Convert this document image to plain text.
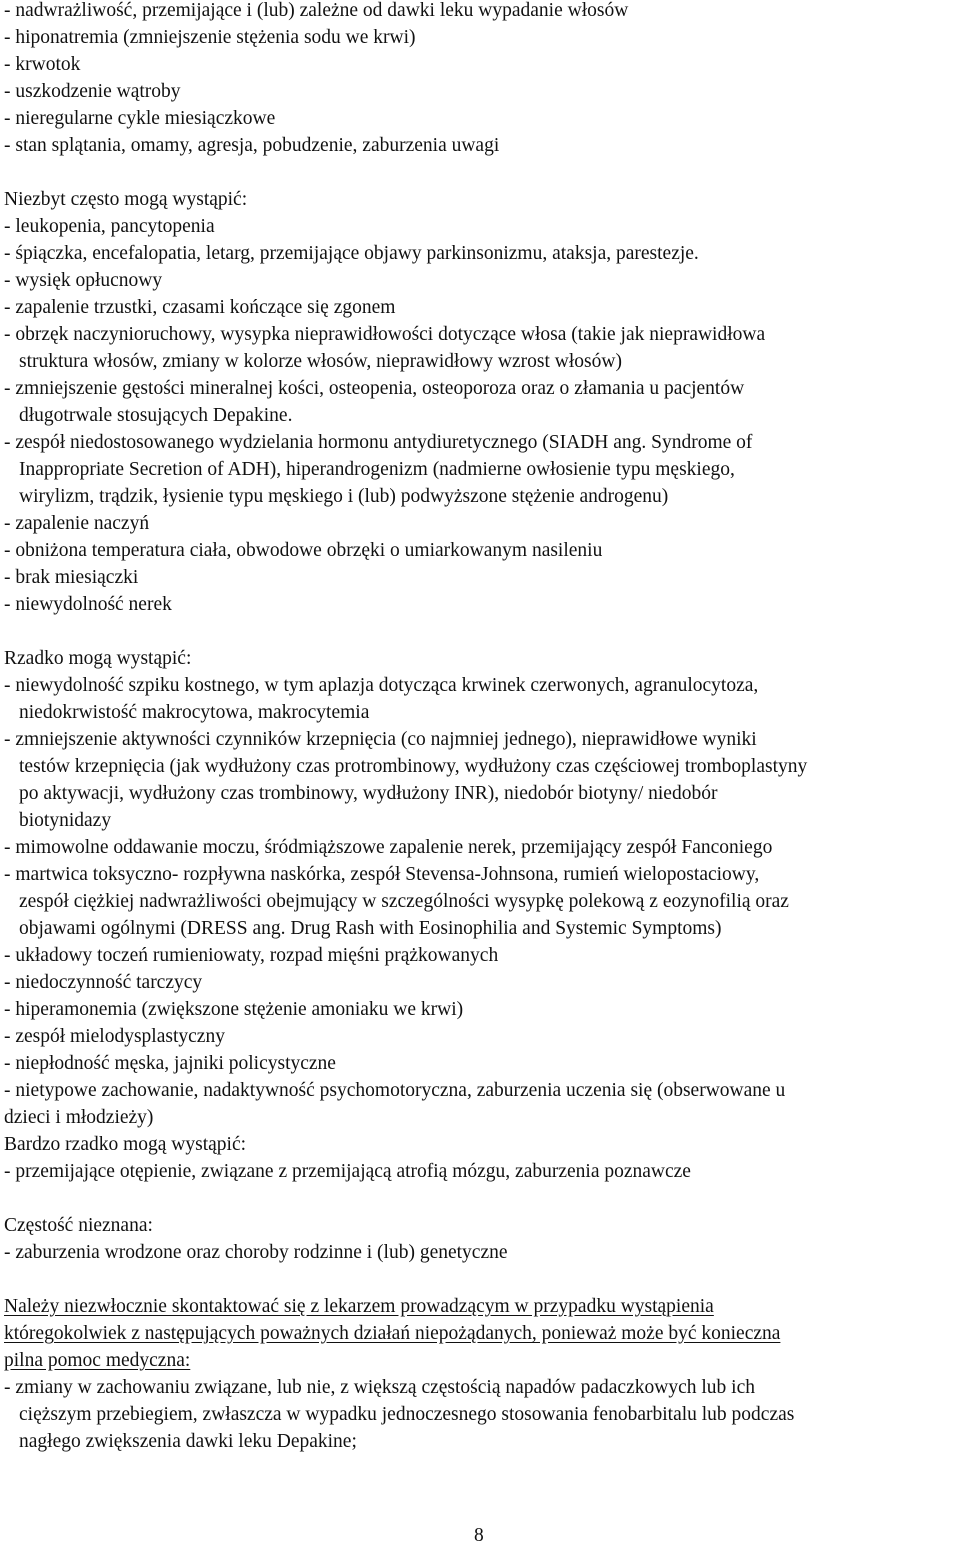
- nadwrażliwość, przemijające i (lub) zależne od dawki leku wypadanie włosów
- hiponatremia (zmniejszenie stężenia sodu we krwi)
- krwotok
- uszkodzenie wątroby
- nieregularne cykle miesiączkowe
- stan splątania, omamy, agresja, pobudzenie, zaburzenia uwagi
Niezbyt często mogą wystąpić:
- leukopenia, pancytopenia
- śpiączka, encefalopatia, letarg, przemijające objawy parkinsonizmu, ataksja, parestezje.
- wysięk opłucnowy
- zapalenie trzustki, czasami kończące się zgonem
- obrzęk naczynioruchowy, wysypka nieprawidłowości dotyczące włosa (takie jak nieprawidłowa
struktura włosów, zmiany w kolorze włosów, nieprawidłowy wzrost włosów)
- zmniejszenie gęstości mineralnej kości, osteopenia, osteoporoza oraz o złamania u pacjentów
długotrwale stosujących Depakine.
- zespół niedostosowanego wydzielania hormonu antydiuretycznego (SIADH ang. Syndrome of
Inappropriate Secretion of ADH), hiperandrogenizm (nadmierne owłosienie typu męskiego,
wirylizm, trądzik, łysienie typu męskiego i (lub) podwyższone stężenie androgenu)
- zapalenie naczyń
- obniżona temperatura ciała, obwodowe obrzęki o umiarkowanym nasileniu
- brak miesiączki
- niewydolność nerek
Rzadko mogą wystąpić:
- niewydolność szpiku kostnego, w tym aplazja dotycząca krwinek czerwonych, agranulocytoza,
niedokrwistość makrocytowa, makrocytemia
- zmniejszenie aktywności czynników krzepnięcia (co najmniej jednego), nieprawidłowe wyniki
testów krzepnięcia (jak wydłużony czas protrombinowy, wydłużony czas częściowej tromboplastyny
po aktywacji, wydłużony czas trombinowy, wydłużony INR), niedobór biotyny/ niedobór
biotynidazy
- mimowolne oddawanie moczu, śródmiąższowe zapalenie nerek, przemijający zespół Fanconiego
- martwica toksyczno- rozpływna naskórka, zespół Stevensa-Johnsona, rumień wielopostaciowy,
zespół ciężkiej nadwrażliwości obejmujący w szczególności wysypkę polekową z eozynofilią oraz
objawami ogólnymi (DRESS ang. Drug Rash with Eosinophilia and Systemic Symptoms)
- układowy toczeń rumieniowaty, rozpad mięśni prążkowanych
- niedoczynność tarczycy
- hiperamonemia (zwiększone stężenie amoniaku we krwi)
- zespół mielodysplastyczny
- niepłodność męska, jajniki policystyczne
- nietypowe zachowanie, nadaktywność psychomotoryczna, zaburzenia uczenia się (obserwowane u
dzieci i młodzieży)
Bardzo rzadko mogą wystąpić:
- przemijające otępienie, związane z przemijającą atrofią mózgu, zaburzenia poznawcze
Częstość nieznana:
- zaburzenia wrodzone oraz choroby rodzinne i (lub) genetyczne
Należy niezwłocznie skontaktować się z lekarzem prowadzącym w przypadku wystąpienia
któregokolwiek z następujących poważnych działań niepożądanych, ponieważ może być konieczna
pilna pomoc medyczna:
- zmiany w zachowaniu związane, lub nie, z większą częstością napadów padaczkowych lub ich
cięższym przebiegiem, zwłaszcza w wypadku jednoczesnego stosowania fenobarbitalu lub podczas
nagłego zwiększenia dawki leku Depakine;
8
